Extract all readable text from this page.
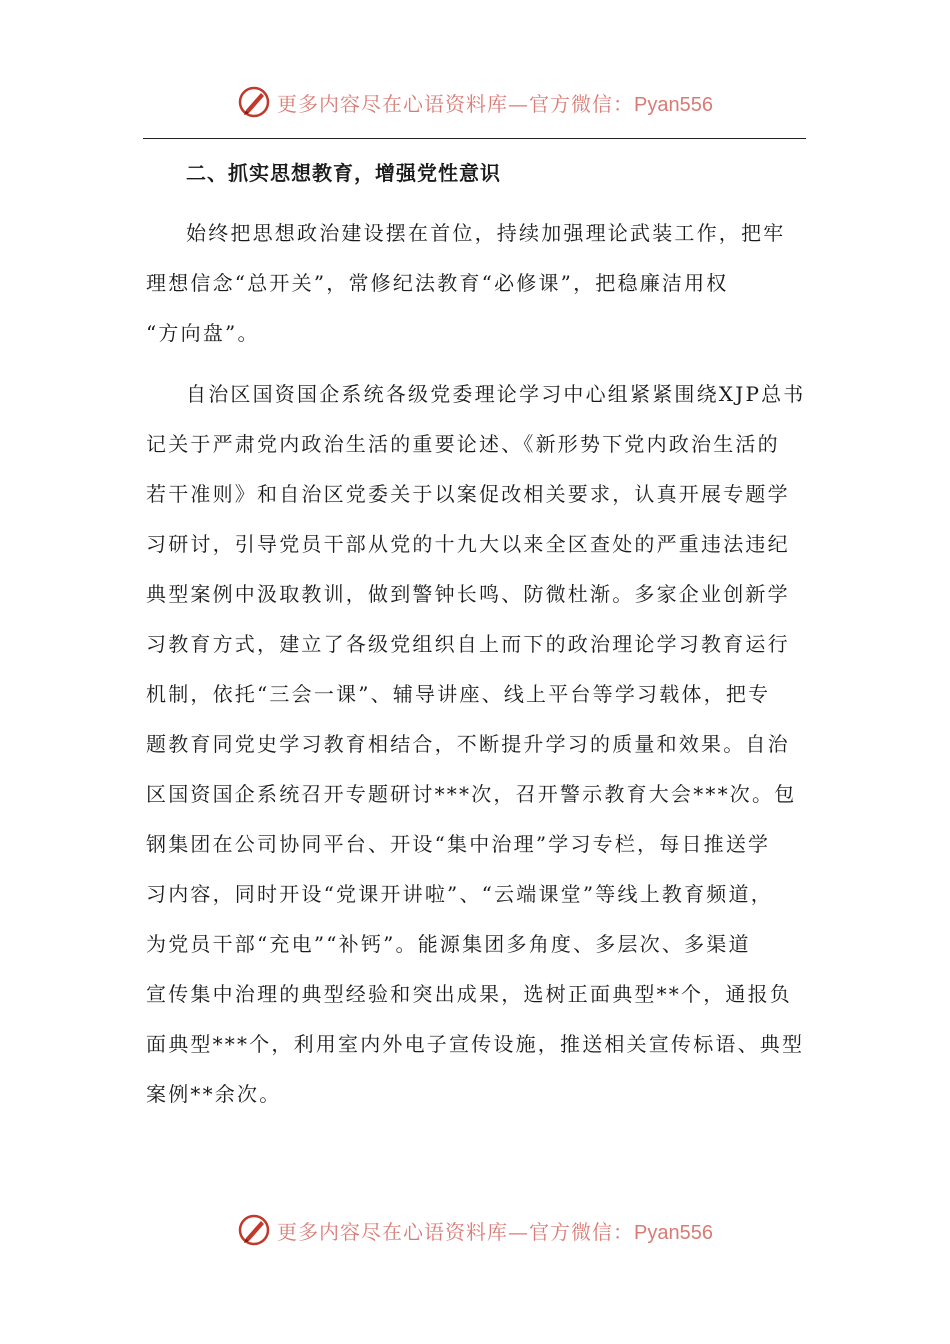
更多内容尽在心语资料库—官方微信：Pyan556
二、抓实思想教育，增强党性意识
始终把思想政治建设摆在首位，持续加强理论武装工作，把牢
理想信念“总开关”，常修纪法教育“必修课”，把稳廉洁用权
“方向盘”。
自治区国资国企系统各级党委理论学习中心组紧紧围绕XJP总书
记关于严肃党内政治生活的重要论述、《新形势下党内政治生活的
若干准则》和自治区党委关于以案促改相关要求，认真开展专题学
习研讨，引导党员干部从党的十九大以来全区查处的严重违法违纪
典型案例中汲取教训，做到警钟长鸣、防微杜渐。多家企业创新学
习教育方式，建立了各级党组织自上而下的政治理论学习教育运行
机制，依托“三会一课”、辅导讲座、线上平台等学习载体，把专
题教育同党史学习教育相结合，不断提升学习的质量和效果。自治
区国资国企系统召开专题研讨***次，召开警示教育大会***次。包
钢集团在公司协同平台、开设“集中治理”学习专栏，每日推送学
习内容，同时开设“党课开讲啦”、“云端课堂”等线上教育频道，
为党员干部“充电”“补钙”。能源集团多角度、多层次、多渠道
宣传集中治理的典型经验和突出成果，选树正面典型**个，通报负
面典型***个，利用室内外电子宣传设施，推送相关宣传标语、典型
案例**余次。
更多内容尽在心语资料库—官方微信：Pyan556
